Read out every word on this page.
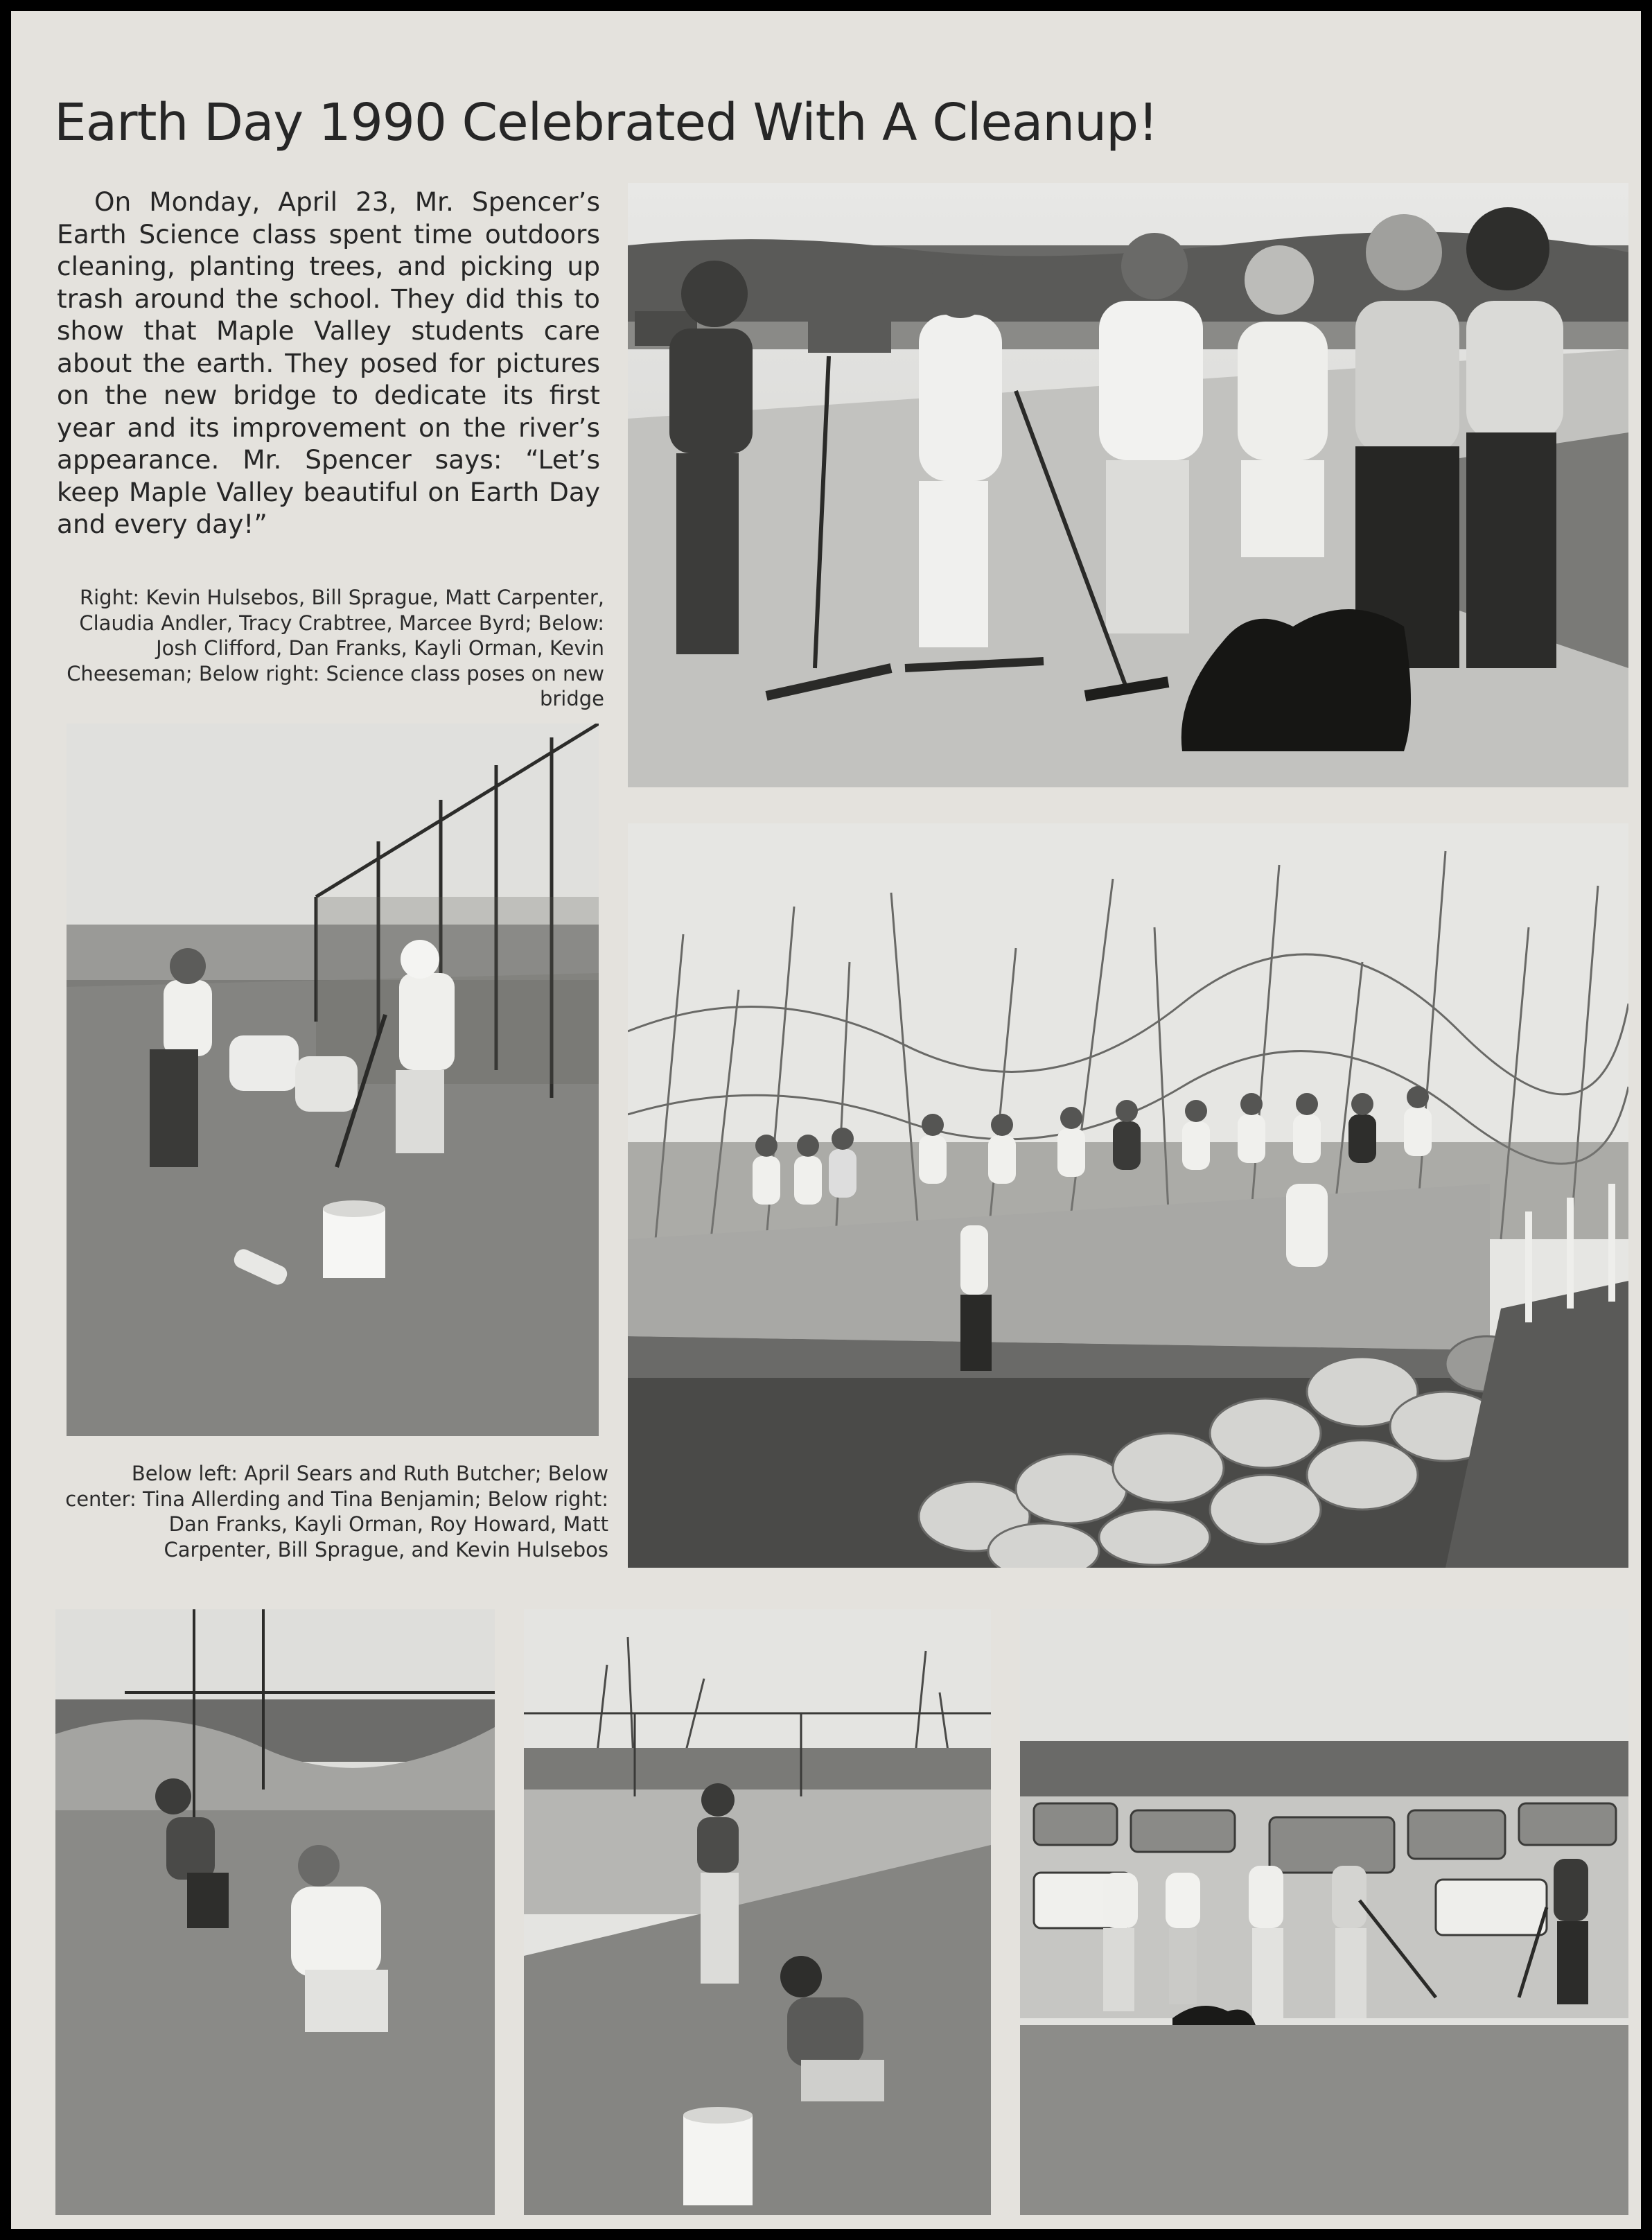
Earth Day 1990 Celebrated With A Cleanup!

On Monday, April 23, Mr. Spencer’s Earth Science class spent time outdoors cleaning, planting trees, and picking up trash around the school. They did this to show that Maple Valley students care about the earth. They posed for pictures on the new bridge to dedicate its first year and its improvement on the river’s appearance. Mr. Spencer says: “Let’s keep Maple Valley beautiful on Earth Day and every day!”

Right: Kevin Hulsebos, Bill Sprague, Matt Carpenter, Claudia Andler, Tracy Crabtree, Marcee Byrd; Below: Josh Clifford, Dan Franks, Kayli Orman, Kevin Cheeseman; Below right: Science class poses on new bridge

Below left: April Sears and Ruth Butcher; Below center: Tina Allerding and Tina Benjamin; Below right: Dan Franks, Kayli Orman, Roy Howard, Matt Carpenter, Bill Sprague, and Kevin Hulsebos
